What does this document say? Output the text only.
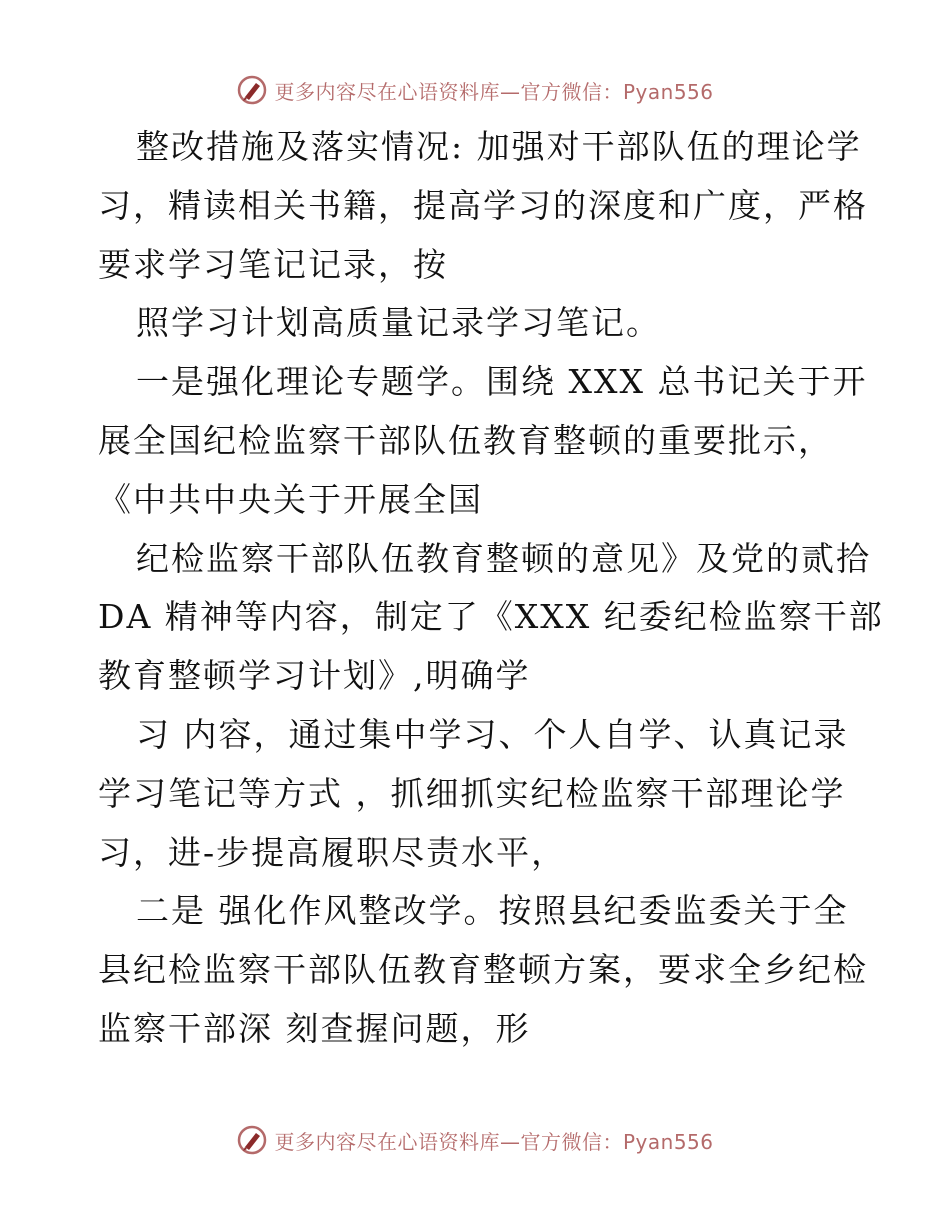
更多内容尽在心语资料库—官方微信：Pyan556
整改措施及落实情况: 加强对干部队伍的理论学
习，精读相关书籍，提高学习的深度和广度，严格
要求学习笔记记录，按
照学习计划高质量记录学习笔记。
一是强化理论专题学。围绕 XXX 总书记关于开
展全国纪检监察干部队伍教育整顿的重要批示，
《中共中央关于开展全国
纪检监察干部队伍教育整顿的意见》及党的贰拾
DA 精神等内容，制定了《XXX 纪委纪检监察干部
教育整顿学习计划》,明确学
习 内容，通过集中学习、个人自学、认真记录
学习笔记等方式 ，抓细抓实纪检监察干部理论学
习，进-步提高履职尽责水平，
二是 强化作风整改学。按照县纪委监委关于全
县纪检监察干部队伍教育整顿方案，要求全乡纪检
监察干部深 刻查握问题，形
更多内容尽在心语资料库—官方微信：Pyan556
